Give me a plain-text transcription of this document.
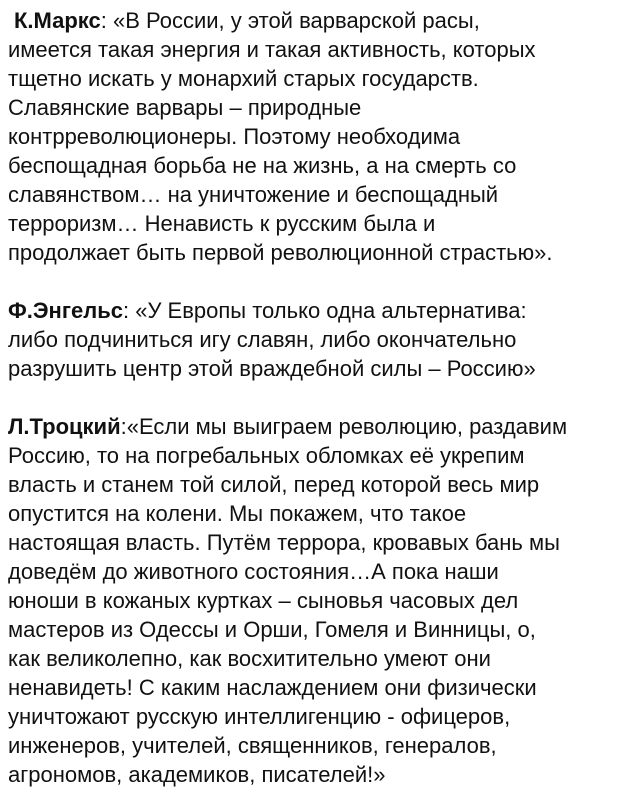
К.Маркс: «В России, у этой варварской расы,
имеется такая энергия и такая активность, которых
тщетно искать у монархий старых государств.
Славянские варвары – природные
контрреволюционеры. Поэтому необходима
беспощадная борьба не на жизнь, а на смерть со
славянством… на уничтожение и беспощадный
терроризм… Ненависть к русским была и
продолжает быть первой революционной страстью».

Ф.Энгельс: «У Европы только одна альтернатива:
либо подчиниться игу славян, либо окончательно
разрушить центр этой враждебной силы – Россию»

Л.Троцкий:«Если мы выиграем революцию, раздавим
Россию, то на погребальных обломках её укрепим
власть и станем той силой, перед которой весь мир
опустится на колени. Мы покажем, что такое
настоящая власть. Путём террора, кровавых бань мы
доведём до животного состояния…А пока наши
юноши в кожаных куртках – сыновья часовых дел
мастеров из Одессы и Орши, Гомеля и Винницы, о,
как великолепно, как восхитительно умеют они
ненавидеть! С каким наслаждением они физически
уничтожают русскую интеллигенцию - офицеров,
инженеров, учителей, священников, генералов,
агрономов, академиков, писателей!»
